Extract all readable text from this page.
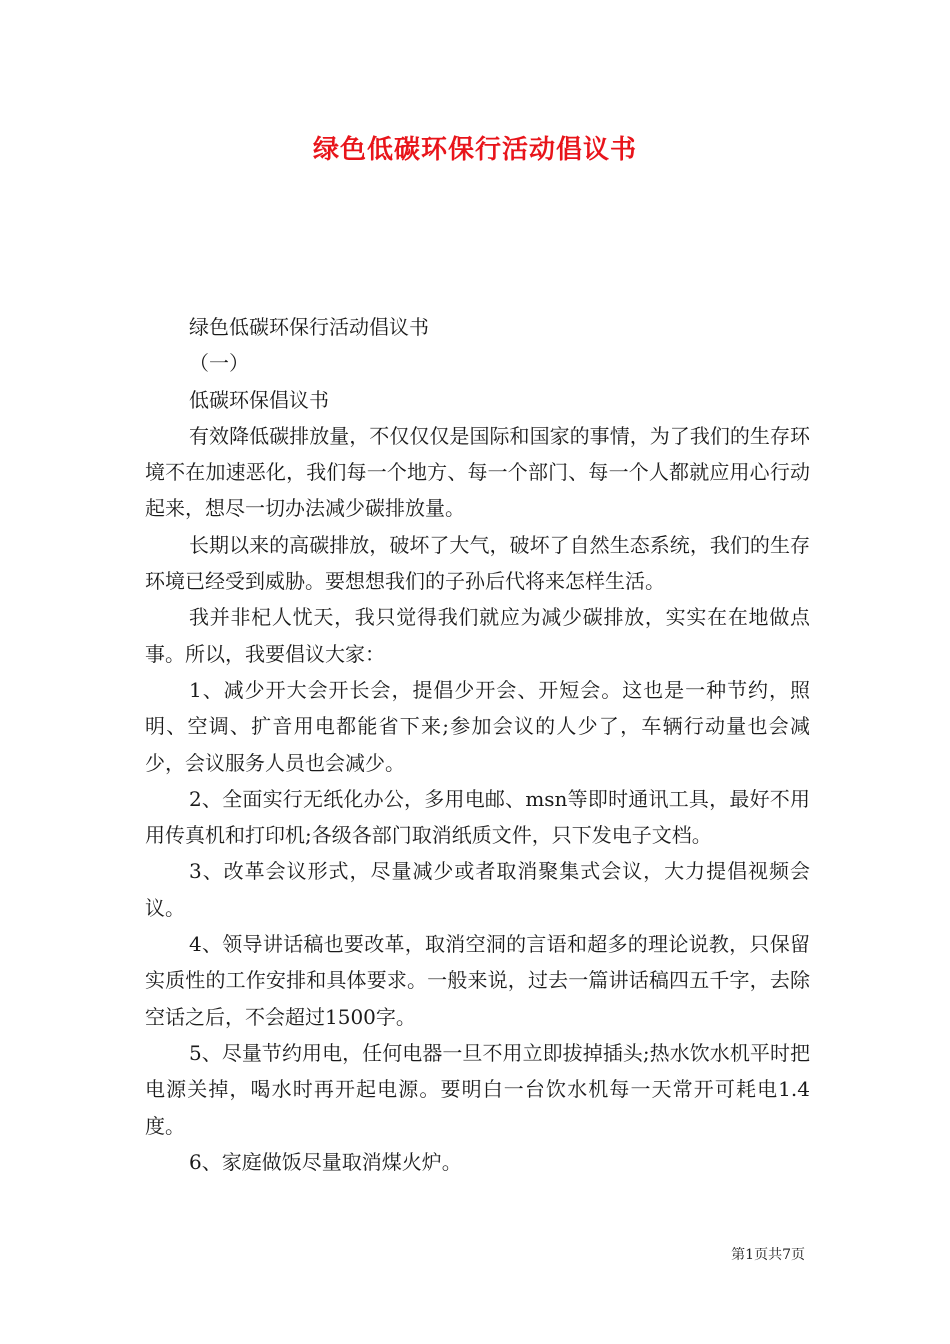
绿色低碳环保行活动倡议书

绿色低碳环保行活动倡议书

（一）

低碳环保倡议书

有效降低碳排放量，不仅仅仅是国际和国家的事情，为了我们的生存环境不在加速恶化，我们每一个地方、每一个部门、每一个人都就应用心行动起来，想尽一切办法减少碳排放量。

长期以来的高碳排放，破坏了大气，破坏了自然生态系统，我们的生存环境已经受到威胁。要想想我们的子孙后代将来怎样生活。

我并非杞人忧天，我只觉得我们就应为减少碳排放，实实在在地做点事。所以，我要倡议大家：

1、减少开大会开长会，提倡少开会、开短会。这也是一种节约，照明、空调、扩音用电都能省下来;参加会议的人少了，车辆行动量也会减少，会议服务人员也会减少。

2、全面实行无纸化办公，多用电邮、msn等即时通讯工具，最好不用用传真机和打印机;各级各部门取消纸质文件，只下发电子文档。

3、改革会议形式，尽量减少或者取消聚集式会议，大力提倡视频会议。

4、领导讲话稿也要改革，取消空洞的言语和超多的理论说教，只保留实质性的工作安排和具体要求。一般来说，过去一篇讲话稿四五千字，去除空话之后，不会超过1500字。

5、尽量节约用电，任何电器一旦不用立即拔掉插头;热水饮水机平时把电源关掉，喝水时再开起电源。要明白一台饮水机每一天常开可耗电1.4度。

6、家庭做饭尽量取消煤火炉。

第1页共7页
